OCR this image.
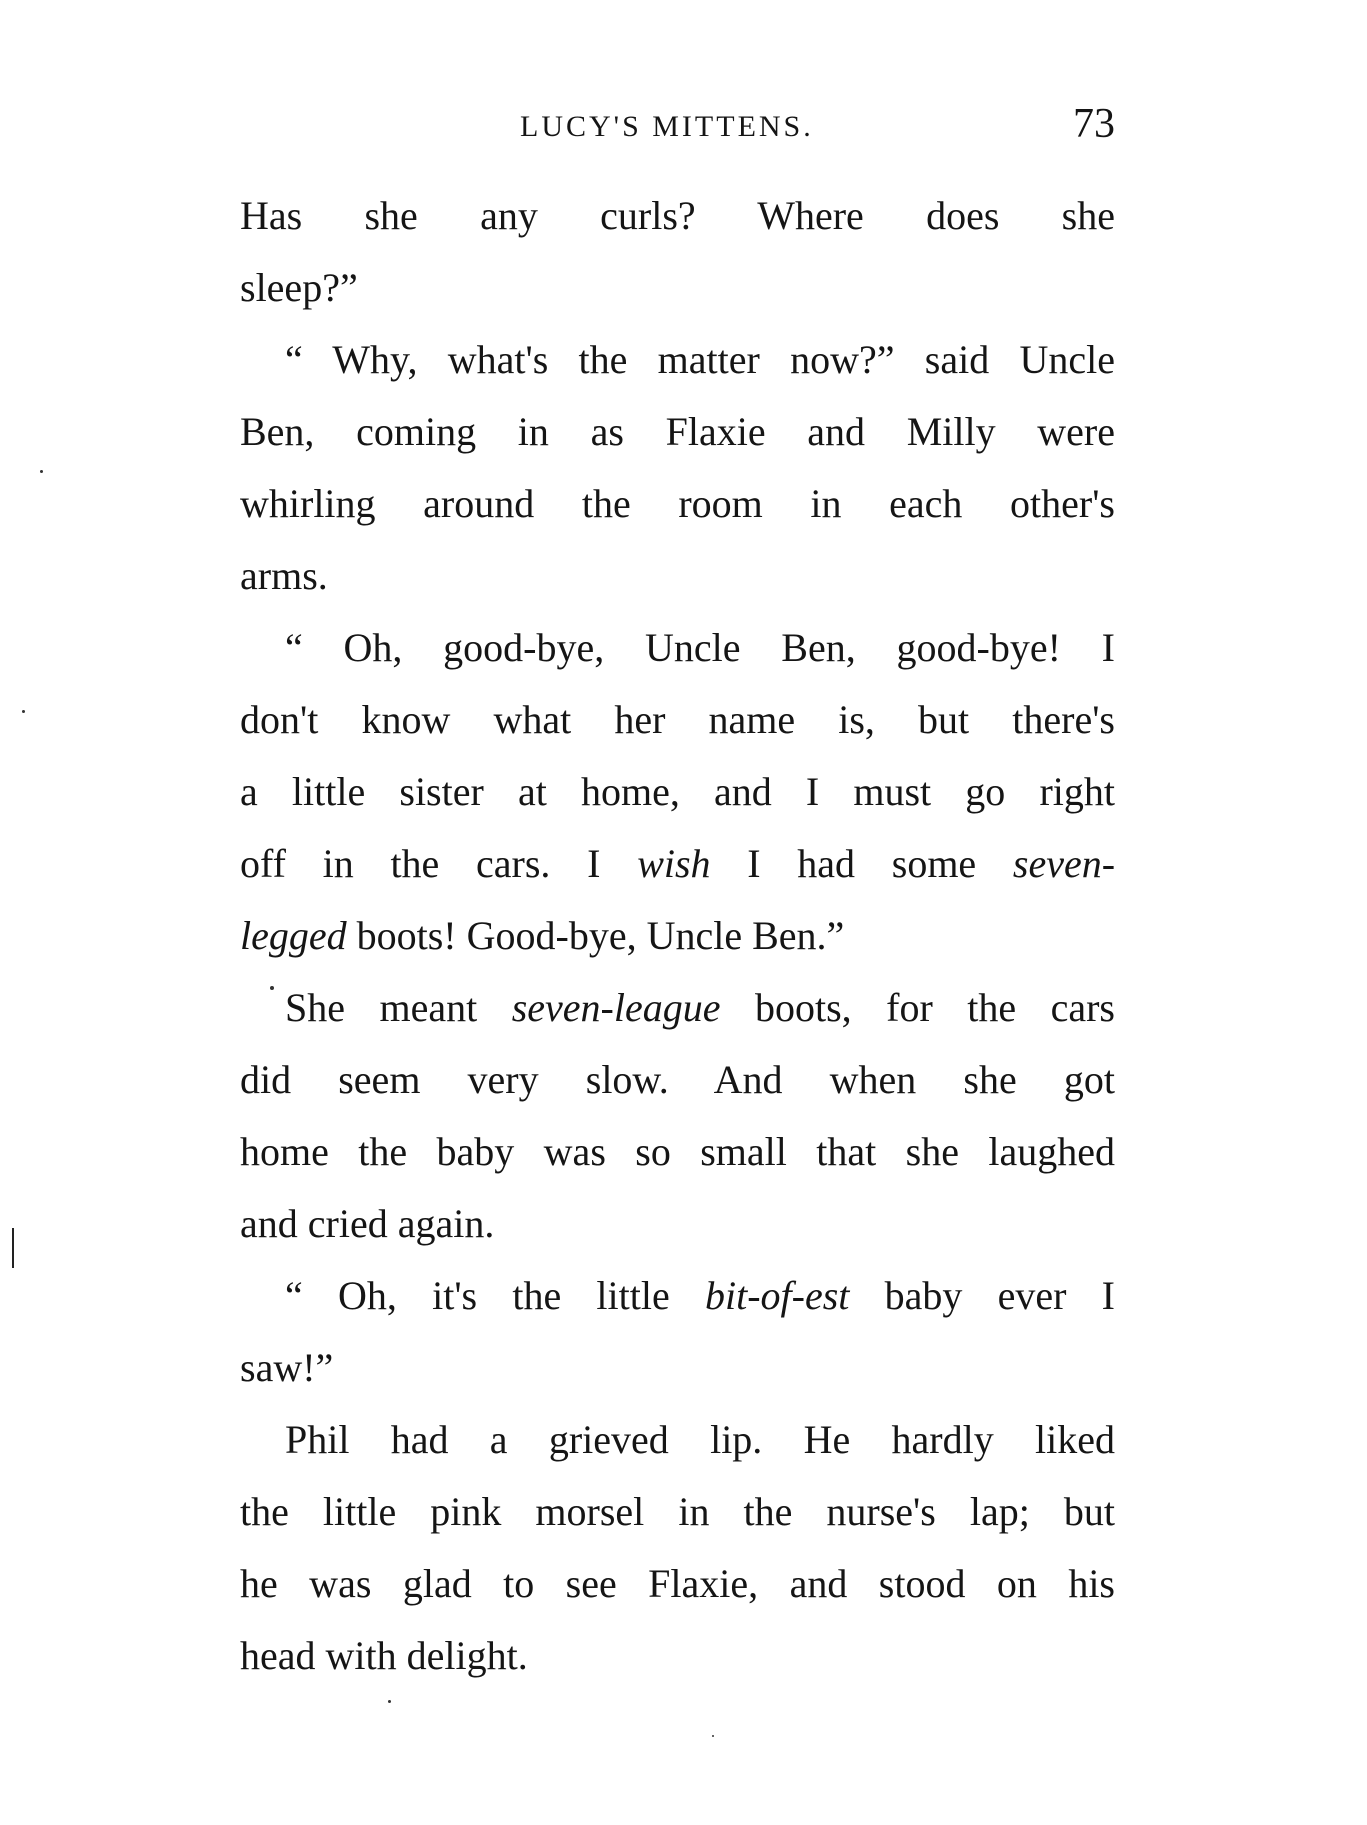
LUCY'S MITTENS.	73
Has she any curls? Where does she
sleep?”
“ Why, what's the matter now?” said Uncle
Ben, coming in as Flaxie and Milly were
whirling around the room in each other's
arms.
“ Oh, good-bye, Uncle Ben, good-bye! I
don't know what her name is, but there's
a little sister at home, and I must go right
off in the cars. I wish I had some seven-
legged boots! Good-bye, Uncle Ben.”
She meant seven-league boots, for the cars
did seem very slow. And when she got
home the baby was so small that she laughed
and cried again.
“ Oh, it's the little bit-of-est baby ever I
saw!”
Phil had a grieved lip. He hardly liked
the little pink morsel in the nurse's lap; but
he was glad to see Flaxie, and stood on his
head with delight.
